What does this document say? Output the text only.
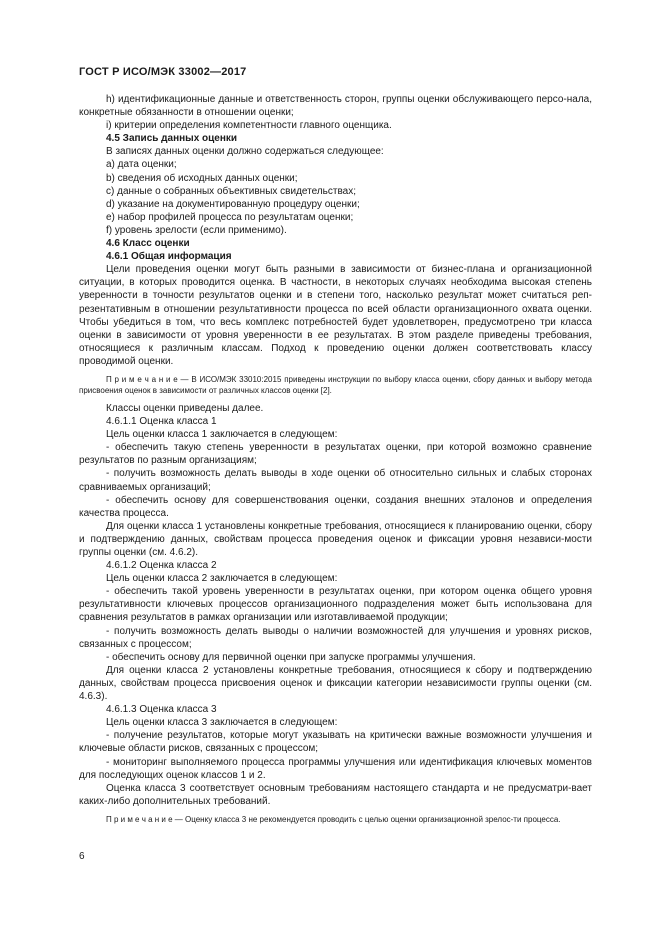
ГОСТ Р ИСО/МЭК 33002—2017

h) идентификационные данные и ответственность сторон, группы оценки обслуживающего персо-нала, конкретные обязанности в отношении оценки;

i) критерии определения компетентности главного оценщика.

4.5 Запись данных оценки

В записях данных оценки должно содержаться следующее:

a) дата оценки;

b) сведения об исходных данных оценки;

c) данные о собранных объективных свидетельствах;

d) указание на документированную процедуру оценки;

e) набор профилей процесса по результатам оценки;

f) уровень зрелости (если применимо).

4.6 Класс оценки

4.6.1 Общая информация

Цели проведения оценки могут быть разными в зависимости от бизнес-плана и организационной ситуации, в которых проводится оценка. В частности, в некоторых случаях необходима высокая степень уверенности в точности результатов оценки и в степени того, насколько результат может считаться реп-резентативным в отношении результативности процесса по всей области организационного охвата оценки. Чтобы убедиться в том, что весь комплекс потребностей будет удовлетворен, предусмотрено три класса оценки в зависимости от уровня уверенности в ее результатах. В этом разделе приведены требования, относящиеся к различным классам. Подход к проведению оценки должен соответствовать классу проводимой оценки.

П р и м е ч а н и е — В ИСО/МЭК 33010:2015 приведены инструкции по выбору класса оценки, сбору данных и выбору метода присвоения оценок в зависимости от различных классов оценки [2].

Классы оценки приведены далее.

4.6.1.1 Оценка класса 1

Цель оценки класса 1 заключается в следующем:

- обеспечить такую степень уверенности в результатах оценки, при которой возможно сравнение результатов по разным организациям;

- получить возможность делать выводы в ходе оценки об относительно сильных и слабых сторонах сравниваемых организаций;

- обеспечить основу для совершенствования оценки, создания внешних эталонов и определения качества процесса.

Для оценки класса 1 установлены конкретные требования, относящиеся к планированию оценки, сбору и подтверждению данных, свойствам процесса проведения оценок и фиксации уровня независи-мости группы оценки (см. 4.6.2).

4.6.1.2 Оценка класса 2

Цель оценки класса 2 заключается в следующем:

- обеспечить такой уровень уверенности в результатах оценки, при котором оценка общего уровня результативности ключевых процессов организационного подразделения может быть использована для сравнения результатов в рамках организации или изготавливаемой продукции;

- получить возможность делать выводы о наличии возможностей для улучшения и уровнях рисков, связанных с процессом;

- обеспечить основу для первичной оценки при запуске программы улучшения.

Для оценки класса 2 установлены конкретные требования, относящиеся к сбору и подтверждению данных, свойствам процесса присвоения оценок и фиксации категории независимости группы оценки (см. 4.6.3).

4.6.1.3 Оценка класса 3

Цель оценки класса 3 заключается в следующем:

- получение результатов, которые могут указывать на критически важные возможности улучшения и ключевые области рисков, связанных с процессом;

- мониторинг выполняемого процесса программы улучшения или идентификация ключевых моментов для последующих оценок классов 1 и 2.

Оценка класса 3 соответствует основным требованиям настоящего стандарта и не предусматри-вает каких-либо дополнительных требований.

П р и м е ч а н и е — Оценку класса 3 не рекомендуется проводить с целью оценки организационной зрелос-ти процесса.

6
